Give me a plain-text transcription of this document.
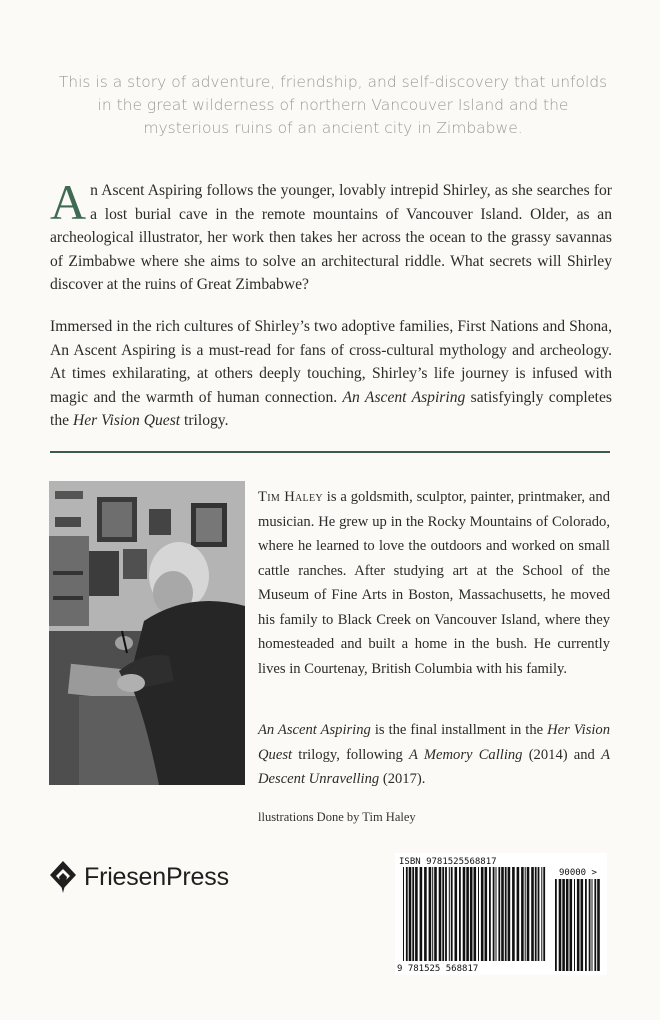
This is a story of adventure, friendship, and self-discovery that unfolds in the great wilderness of northern Vancouver Island and the mysterious ruins of an ancient city in Zimbabwe.

An Ascent Aspiring follows the younger, lovably intrepid Shirley, as she searches for a lost burial cave in the remote mountains of Vancouver Island. Older, as an archeological illustrator, her work then takes her across the ocean to the grassy savannas of Zimbabwe where she aims to solve an architectural riddle. What secrets will Shirley discover at the ruins of Great Zimbabwe?

Immersed in the rich cultures of Shirley’s two adoptive families, First Nations and Shona, An Ascent Aspiring is a must-read for fans of cross-cultural mythology and archeology. At times exhilarating, at others deeply touching, Shirley’s life journey is infused with magic and the warmth of human connection. An Ascent Aspiring satisfyingly completes the Her Vision Quest trilogy.

Tim Haley is a goldsmith, sculptor, painter, printmaker, and musician. He grew up in the Rocky Mountains of Colorado, where he learned to love the outdoors and worked on small cattle ranches. After studying art at the School of the Museum of Fine Arts in Boston, Massachusetts, he moved his family to Black Creek on Vancouver Island, where they homesteaded and built a home in the bush. He currently lives in Courtenay, British Columbia with his family.

An Ascent Aspiring is the final installment in the Her Vision Quest trilogy, following A Memory Calling (2014) and A Descent Unravelling (2017).

llustrations Done by Tim Haley

FriesenPress
ISBN 9781525568817
90000 >
9 781525 568817
